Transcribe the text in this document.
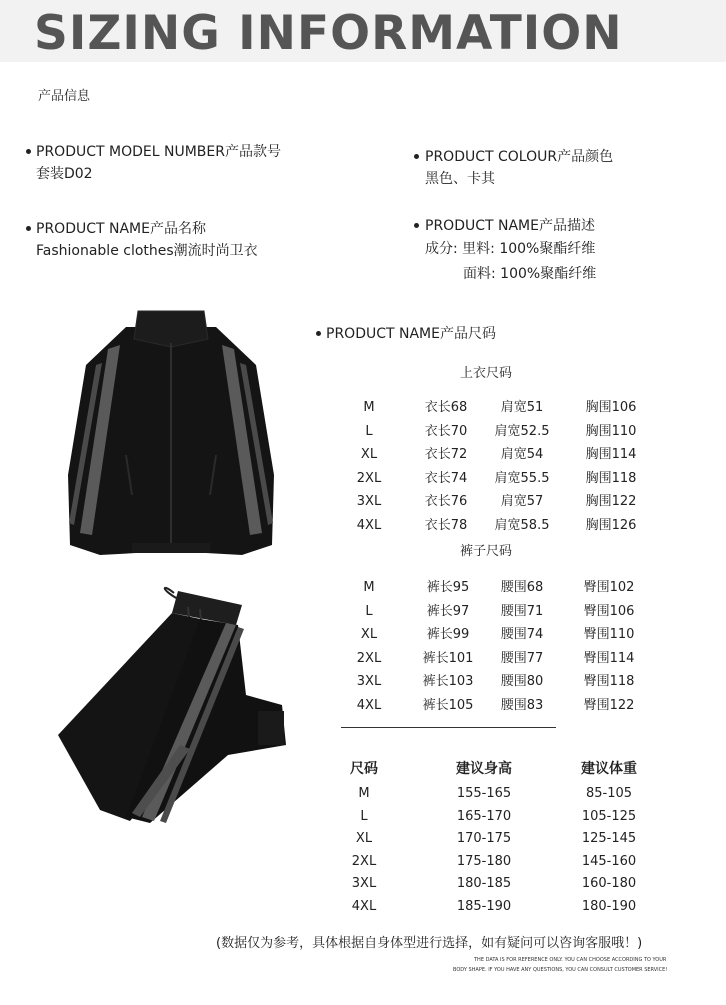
SIZING INFORMATION
产品信息
PRODUCT MODEL NUMBER产品款号
套装D02
PRODUCT NAME产品名称
Fashionable clothes潮流时尚卫衣
PRODUCT COLOUR产品颜色
黑色、卡其
PRODUCT NAME产品描述
成分: 里料: 100%聚酯纤维
面料: 100%聚酯纤维
PRODUCT NAME产品尺码
上衣尺码
M	衣长68	肩宽51	胸围106
L	衣长70 肩宽52.5	胸围110
XL	衣长72	肩宽54	胸围114
2XL	衣长74 肩宽55.5	胸围118
3XL	衣长76	肩宽57	胸围122
4XL	衣长78 肩宽58.5	胸围126
裤子尺码
M	裤长95 腰围68	臀围102
L	裤长97 腰围71	臀围106
XL	裤长99 腰围74	臀围110
2XL	裤长101 腰围77	臀围114
3XL	裤长103 腰围80	臀围118
4XL	裤长105 腰围83	臀围122
尺码	建议身高	建议体重
M	155-165	85-105
L	165-170	105-125
XL	170-175	125-145
2XL	175-180	145-160
3XL	180-185	160-180
4XL	185-190	180-190
(数据仅为参考，具体根据自身体型进行选择，如有疑问可以咨询客服哦！)
THE DATA IS FOR REFERENCE ONLY. YOU CAN CHOOSE ACCORDING TO YOUR
BODY SHAPE. IF YOU HAVE ANY QUESTIONS, YOU CAN CONSULT CUSTOMER SERVICE!
